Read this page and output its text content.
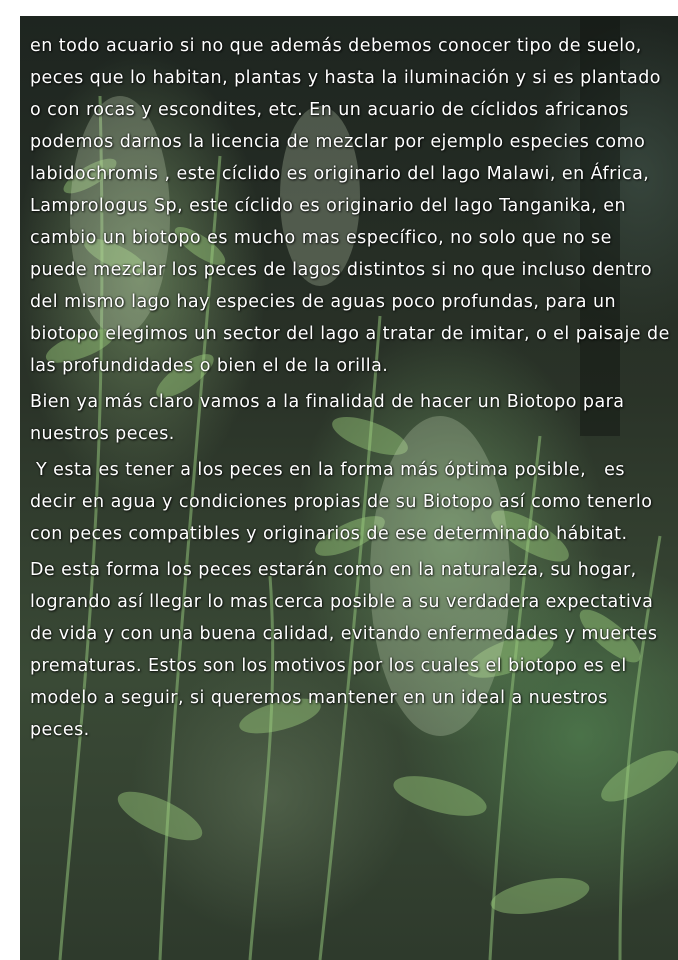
en todo acuario si no que además debemos conocer tipo de suelo, peces que lo habitan, plantas y hasta la iluminación y si es plantado o con rocas y escondites, etc. En un acuario de cíclidos africanos podemos darnos la licencia de mezclar por ejemplo especies como labidochromis , este cíclido es originario del lago Malawi, en África, Lamprologus Sp, este cíclido es originario del lago Tanganika, en cambio un biotopo es mucho mas específico, no solo que no se puede mezclar los peces de lagos distintos si no que incluso dentro del mismo lago hay especies de aguas poco profundas, para un biotopo elegimos un sector del lago a tratar de imitar, o el paisaje de las profundidades o bien el de la orilla.

Bien ya más claro vamos a la finalidad de hacer un Biotopo para nuestros peces.

Y esta es tener a los peces en la forma más óptima posible,   es decir en agua y condiciones propias de su Biotopo así como tenerlo con peces compatibles y originarios de ese determinado hábitat.

De esta forma los peces estarán como en la naturaleza, su hogar, logrando así llegar lo mas cerca posible a su verdadera expectativa de vida y con una buena calidad, evitando enfermedades y muertes prematuras. Estos son los motivos por los cuales el biotopo es el modelo a seguir, si queremos mantener en un ideal a nuestros peces.
